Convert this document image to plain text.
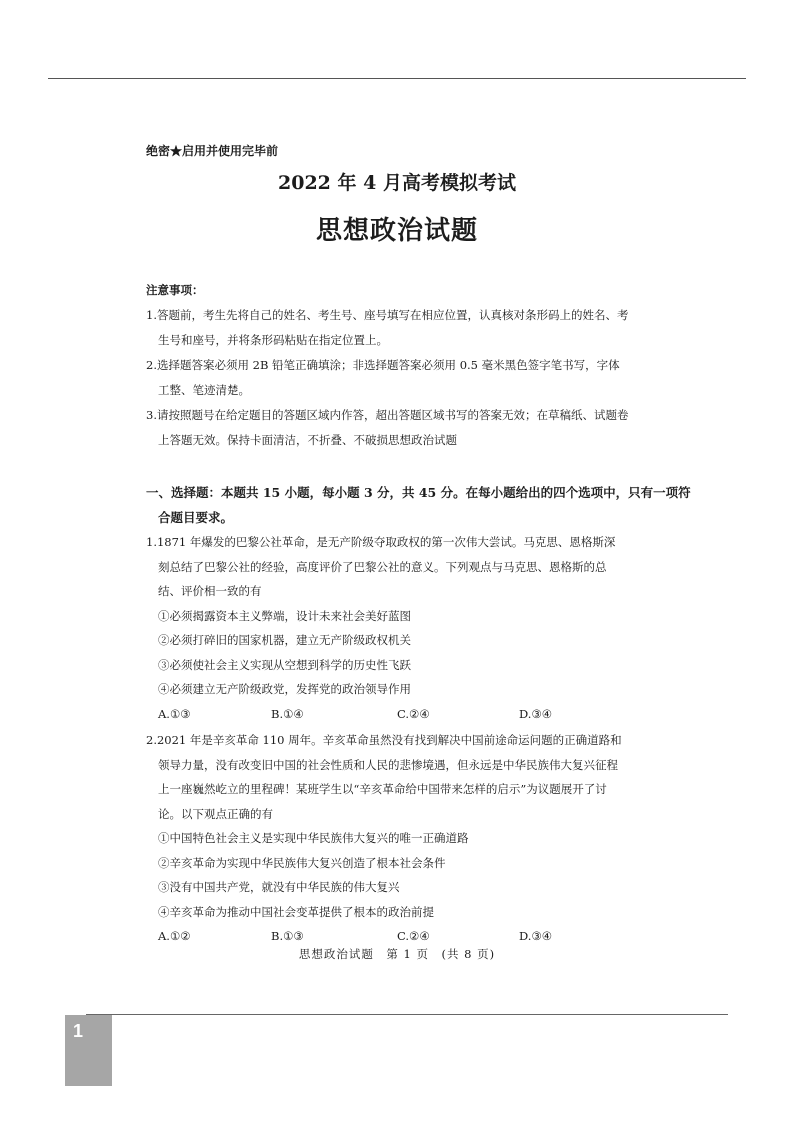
绝密★启用并使用完毕前
2022 年 4 月高考模拟考试
思想政治试题
注意事项：
1.答题前，考生先将自己的姓名、考生号、座号填写在相应位置，认真核对条形码上的姓名、考
生号和座号，并将条形码粘贴在指定位置上。
2.选择题答案必须用 2B 铅笔正确填涂；非选择题答案必须用 0.5 毫米黑色签字笔书写，字体
工整、笔迹清楚。
3.请按照题号在给定题目的答题区域内作答，超出答题区域书写的答案无效；在草稿纸、试题卷
上答题无效。保持卡面清洁，不折叠、不破损思想政治试题
一、选择题：本题共 15 小题，每小题 3 分，共 45 分。在每小题给出的四个选项中，只有一项符
合题目要求。
1.1871 年爆发的巴黎公社革命，是无产阶级夺取政权的第一次伟大尝试。马克思、恩格斯深
刻总结了巴黎公社的经验，高度评价了巴黎公社的意义。下列观点与马克思、恩格斯的总
结、评价相一致的有
①必须揭露资本主义弊端，设计未来社会美好蓝图
②必须打碎旧的国家机器，建立无产阶级政权机关
③必须使社会主义实现从空想到科学的历史性飞跃
④必须建立无产阶级政党，发挥党的政治领导作用
A.①③	B.①④	C.②④	D.③④
2.2021 年是辛亥革命 110 周年。辛亥革命虽然没有找到解决中国前途命运问题的正确道路和
领导力量，没有改变旧中国的社会性质和人民的悲惨境遇，但永远是中华民族伟大复兴征程
上一座巍然屹立的里程碑！某班学生以“辛亥革命给中国带来怎样的启示”为议题展开了讨
论。以下观点正确的有
①中国特色社会主义是实现中华民族伟大复兴的唯一正确道路
②辛亥革命为实现中华民族伟大复兴创造了根本社会条件
③没有中国共产党，就没有中华民族的伟大复兴
④辛亥革命为推动中国社会变革提供了根本的政治前提
A.①②	B.①③	C.②④	D.③④
思想政治试题　第 1 页　(共 8 页)
1
